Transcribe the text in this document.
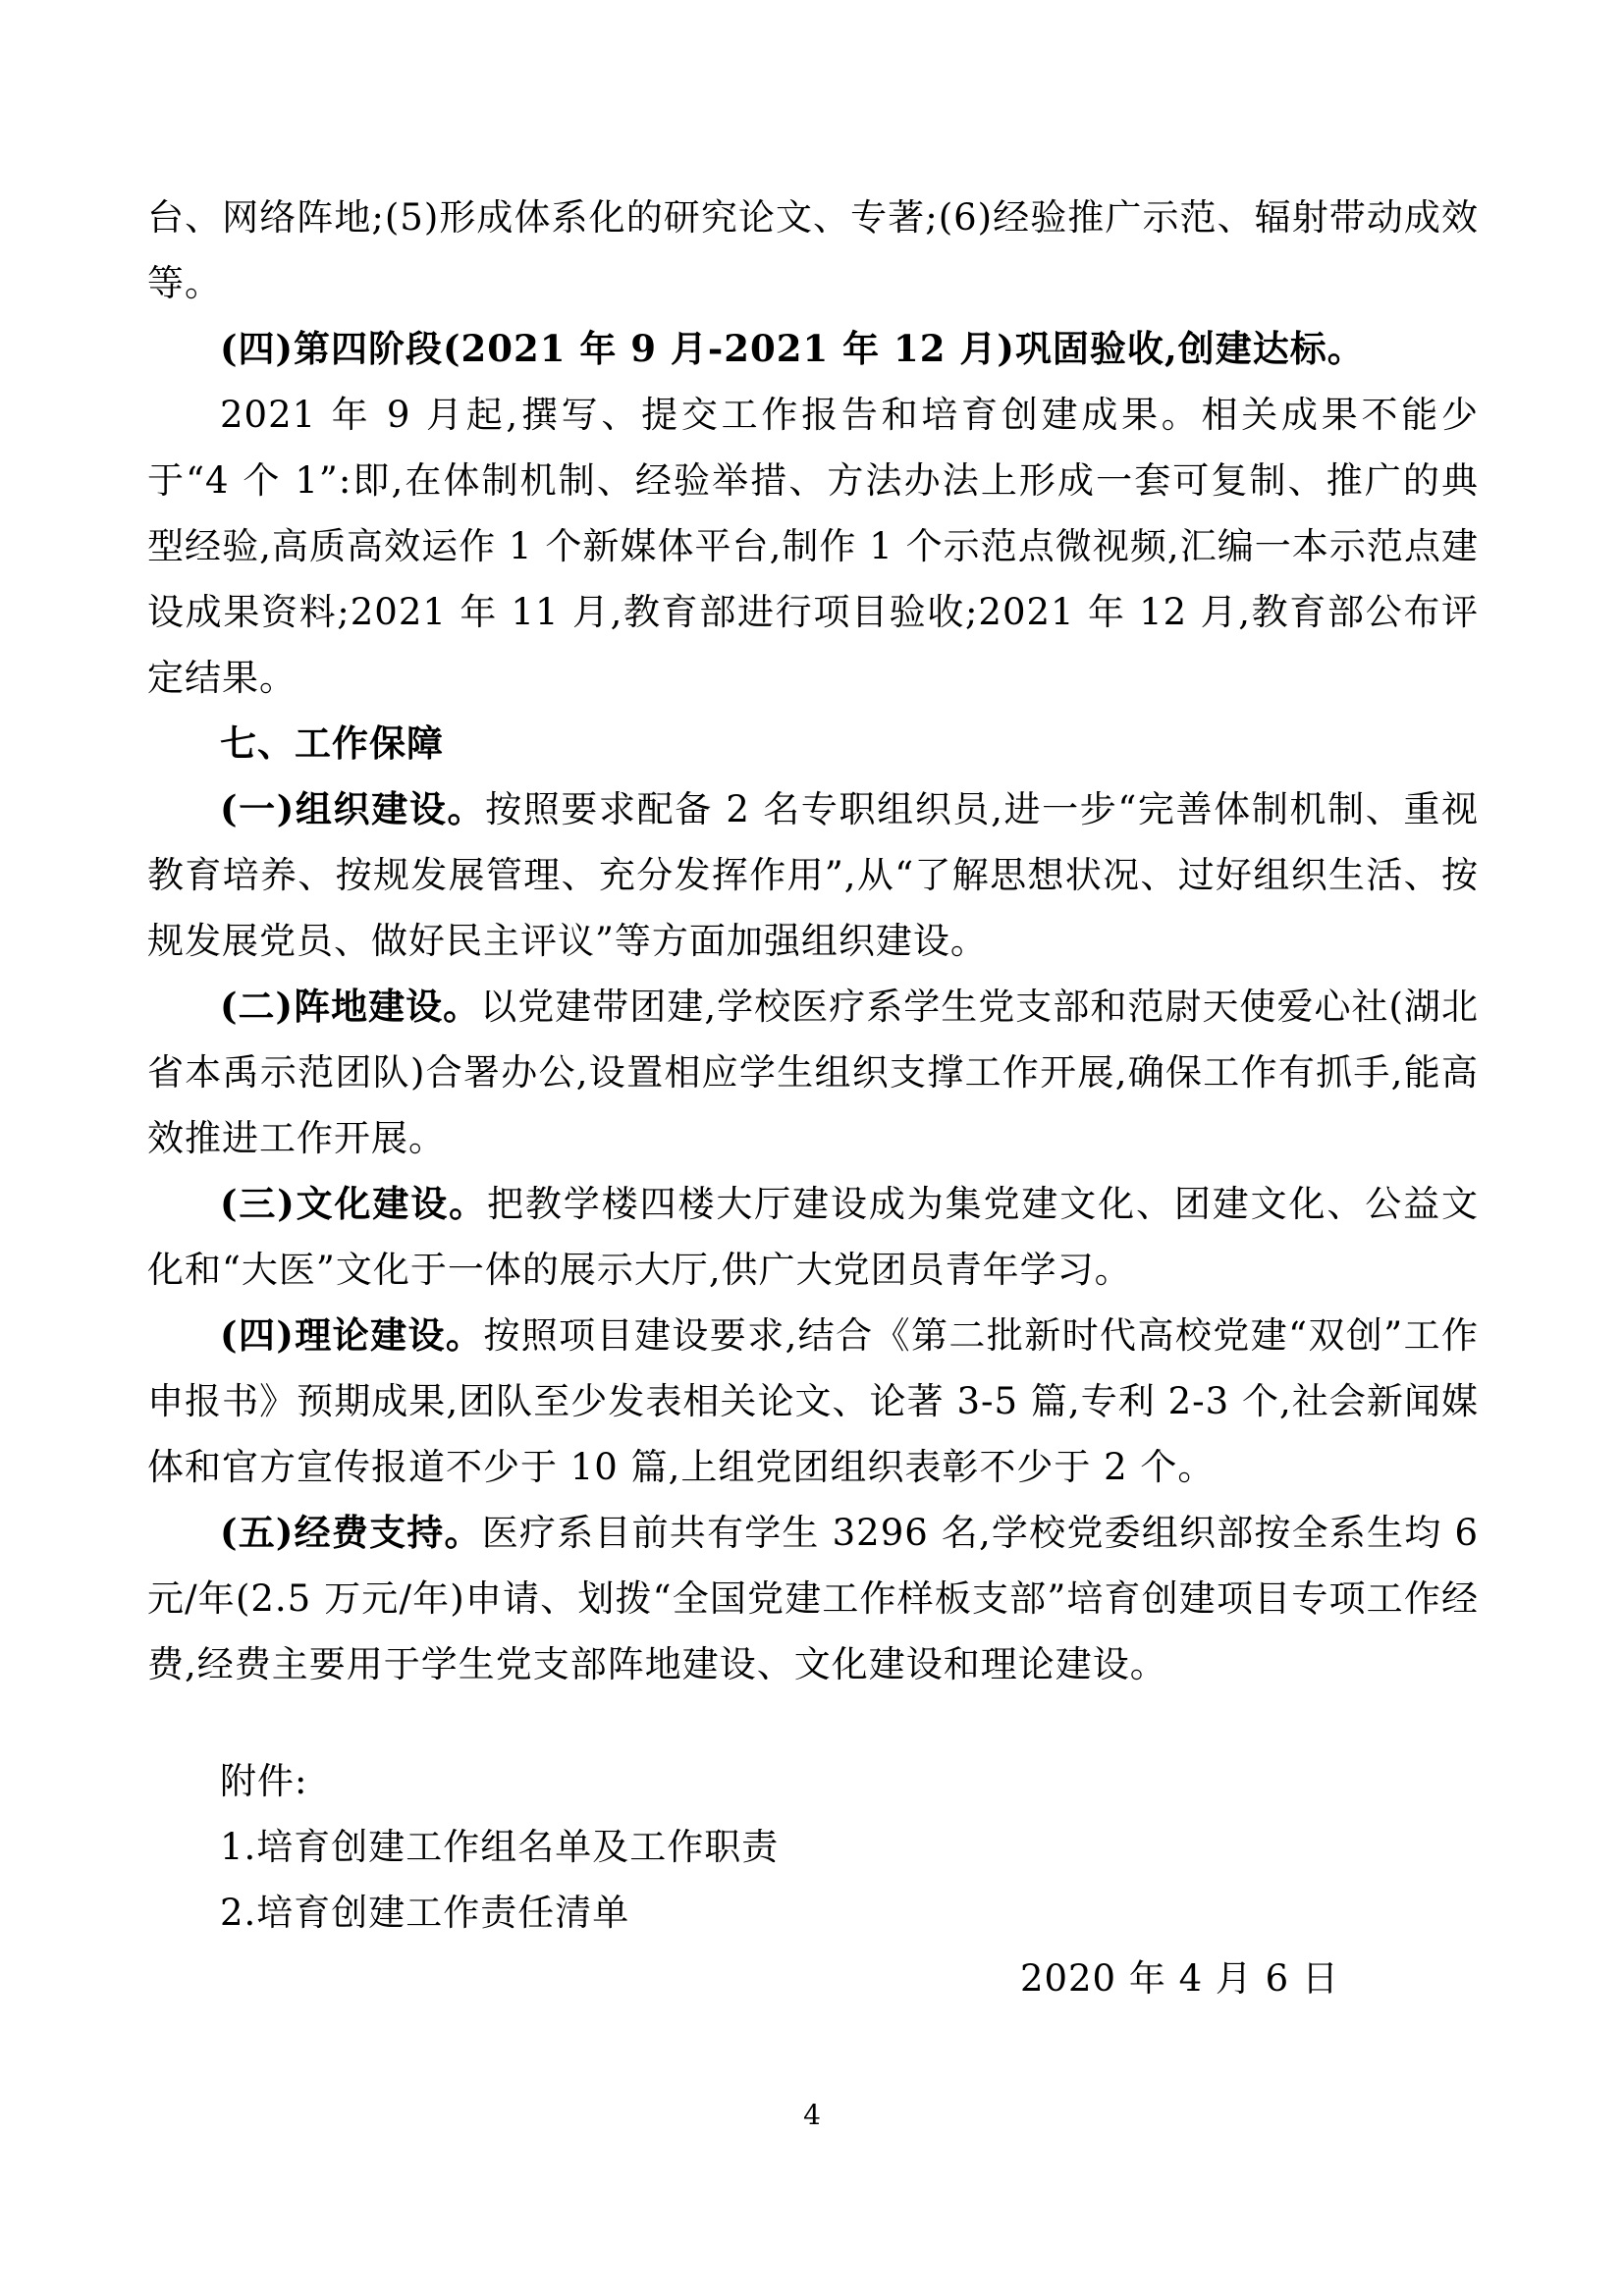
台、网络阵地;(5)形成体系化的研究论文、专著;(6)经验推广示范、辐射带动成效等。

(四)第四阶段(2021 年 9 月-2021 年 12 月)巩固验收,创建达标。

2021 年 9 月起,撰写、提交工作报告和培育创建成果。相关成果不能少于“4 个 1”:即,在体制机制、经验举措、方法办法上形成一套可复制、推广的典型经验,高质高效运作 1 个新媒体平台,制作 1 个示范点微视频,汇编一本示范点建设成果资料;2021 年 11 月,教育部进行项目验收;2021 年 12 月,教育部公布评定结果。

七、工作保障

(一)组织建设。按照要求配备 2 名专职组织员,进一步“完善体制机制、重视教育培养、按规发展管理、充分发挥作用”,从“了解思想状况、过好组织生活、按规发展党员、做好民主评议”等方面加强组织建设。

(二)阵地建设。以党建带团建,学校医疗系学生党支部和范尉天使爱心社(湖北省本禹示范团队)合署办公,设置相应学生组织支撑工作开展,确保工作有抓手,能高效推进工作开展。

(三)文化建设。把教学楼四楼大厅建设成为集党建文化、团建文化、公益文化和“大医”文化于一体的展示大厅,供广大党团员青年学习。

(四)理论建设。按照项目建设要求,结合《第二批新时代高校党建“双创”工作申报书》预期成果,团队至少发表相关论文、论著 3-5 篇,专利 2-3 个,社会新闻媒体和官方宣传报道不少于 10 篇,上组党团组织表彰不少于 2 个。

(五)经费支持。医疗系目前共有学生 3296 名,学校党委组织部按全系生均 6 元/年(2.5 万元/年)申请、划拨“全国党建工作样板支部”培育创建项目专项工作经费,经费主要用于学生党支部阵地建设、文化建设和理论建设。

附件:

1.培育创建工作组名单及工作职责

2.培育创建工作责任清单

2020 年 4 月 6 日

4
